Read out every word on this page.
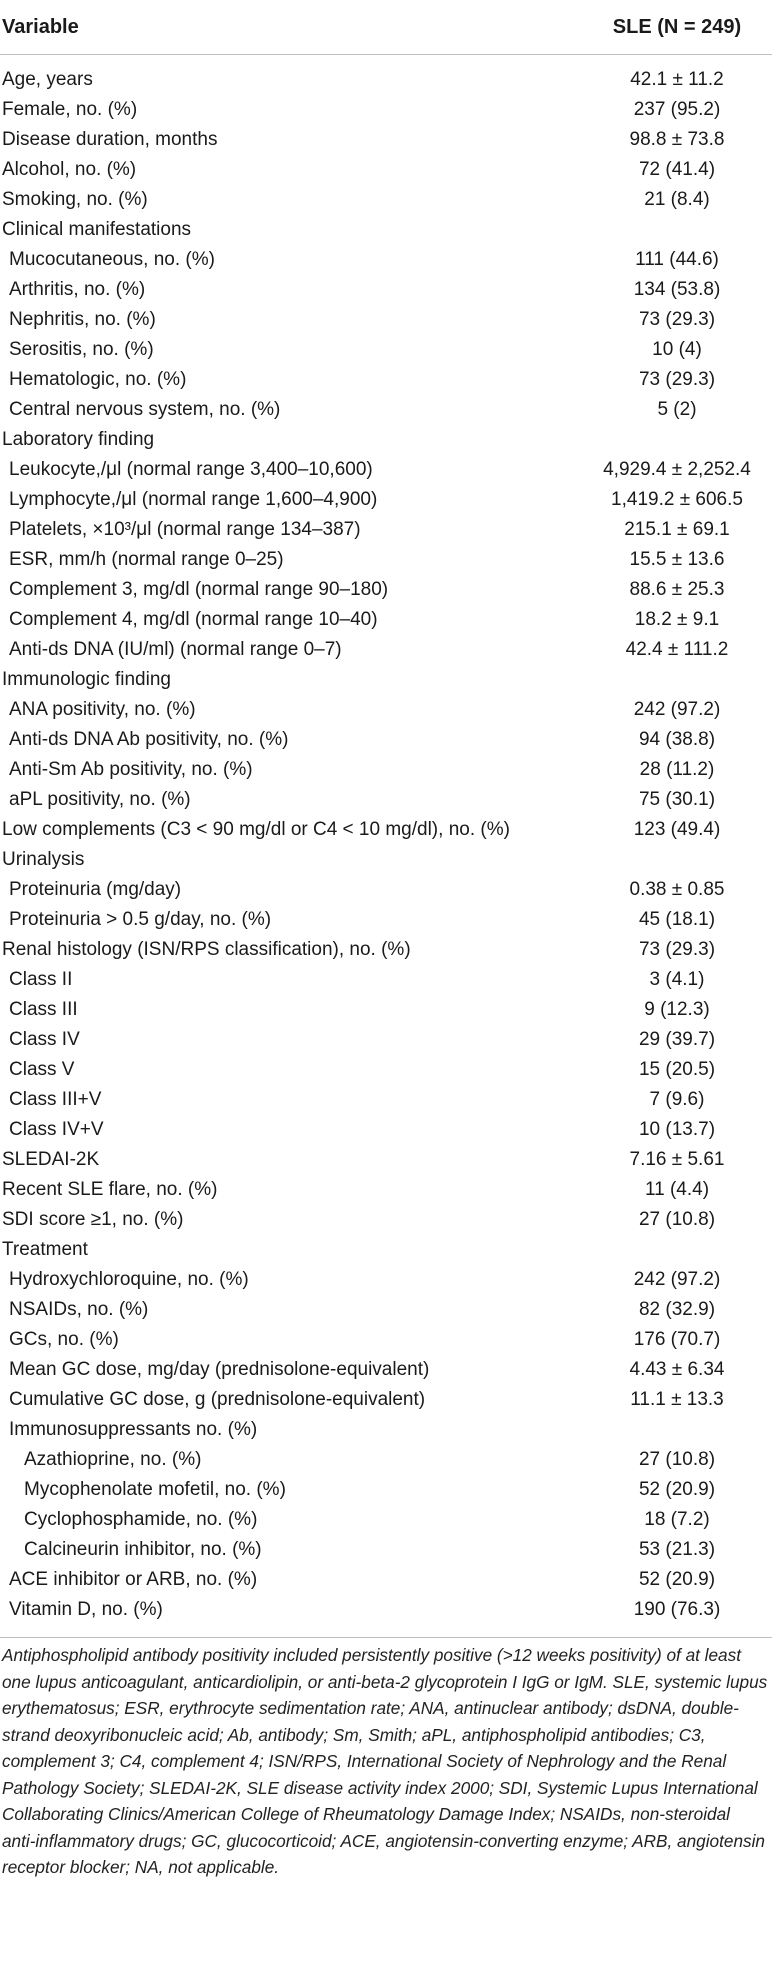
Variable	SLE (N = 249)
Age, years	42.1 ± 11.2
Female, no. (%)	237 (95.2)
Disease duration, months	98.8 ± 73.8
Alcohol, no. (%)	72 (41.4)
Smoking, no. (%)	21 (8.4)
Clinical manifestations
Mucocutaneous, no. (%)	111 (44.6)
Arthritis, no. (%)	134 (53.8)
Nephritis, no. (%)	73 (29.3)
Serositis, no. (%)	10 (4)
Hematologic, no. (%)	73 (29.3)
Central nervous system, no. (%)	5 (2)
Laboratory finding
Leukocyte,/μl (normal range 3,400–10,600)	4,929.4 ± 2,252.4
Lymphocyte,/μl (normal range 1,600–4,900)	1,419.2 ± 606.5
Platelets, ×10³/μl (normal range 134–387)	215.1 ± 69.1
ESR, mm/h (normal range 0–25)	15.5 ± 13.6
Complement 3, mg/dl (normal range 90–180)	88.6 ± 25.3
Complement 4, mg/dl (normal range 10–40)	18.2 ± 9.1
Anti-ds DNA (IU/ml) (normal range 0–7)	42.4 ± 111.2
Immunologic finding
ANA positivity, no. (%)	242 (97.2)
Anti-ds DNA Ab positivity, no. (%)	94 (38.8)
Anti-Sm Ab positivity, no. (%)	28 (11.2)
aPL positivity, no. (%)	75 (30.1)
Low complements (C3 < 90 mg/dl or C4 < 10 mg/dl), no. (%)	123 (49.4)
Urinalysis
Proteinuria (mg/day)	0.38 ± 0.85
Proteinuria > 0.5 g/day, no. (%)	45 (18.1)
Renal histology (ISN/RPS classification), no. (%)	73 (29.3)
Class II	3 (4.1)
Class III	9 (12.3)
Class IV	29 (39.7)
Class V	15 (20.5)
Class III+V	7 (9.6)
Class IV+V	10 (13.7)
SLEDAI-2K	7.16 ± 5.61
Recent SLE flare, no. (%)	11 (4.4)
SDI score ≥1, no. (%)	27 (10.8)
Treatment
Hydroxychloroquine, no. (%)	242 (97.2)
NSAIDs, no. (%)	82 (32.9)
GCs, no. (%)	176 (70.7)
Mean GC dose, mg/day (prednisolone-equivalent)	4.43 ± 6.34
Cumulative GC dose, g (prednisolone-equivalent)	11.1 ± 13.3
Immunosuppressants no. (%)
Azathioprine, no. (%)	27 (10.8)
Mycophenolate mofetil, no. (%)	52 (20.9)
Cyclophosphamide, no. (%)	18 (7.2)
Calcineurin inhibitor, no. (%)	53 (21.3)
ACE inhibitor or ARB, no. (%)	52 (20.9)
Vitamin D, no. (%)	190 (76.3)
Antiphospholipid antibody positivity included persistently positive (>12 weeks positivity) of at least one lupus anticoagulant, anticardiolipin, or anti-beta-2 glycoprotein I IgG or IgM. SLE, systemic lupus erythematosus; ESR, erythrocyte sedimentation rate; ANA, antinuclear antibody; dsDNA, double-strand deoxyribonucleic acid; Ab, antibody; Sm, Smith; aPL, antiphospholipid antibodies; C3, complement 3; C4, complement 4; ISN/RPS, International Society of Nephrology and the Renal Pathology Society; SLEDAI-2K, SLE disease activity index 2000; SDI, Systemic Lupus International Collaborating Clinics/American College of Rheumatology Damage Index; NSAIDs, non-steroidal anti-inflammatory drugs; GC, glucocorticoid; ACE, angiotensin-converting enzyme; ARB, angiotensin receptor blocker; NA, not applicable.
